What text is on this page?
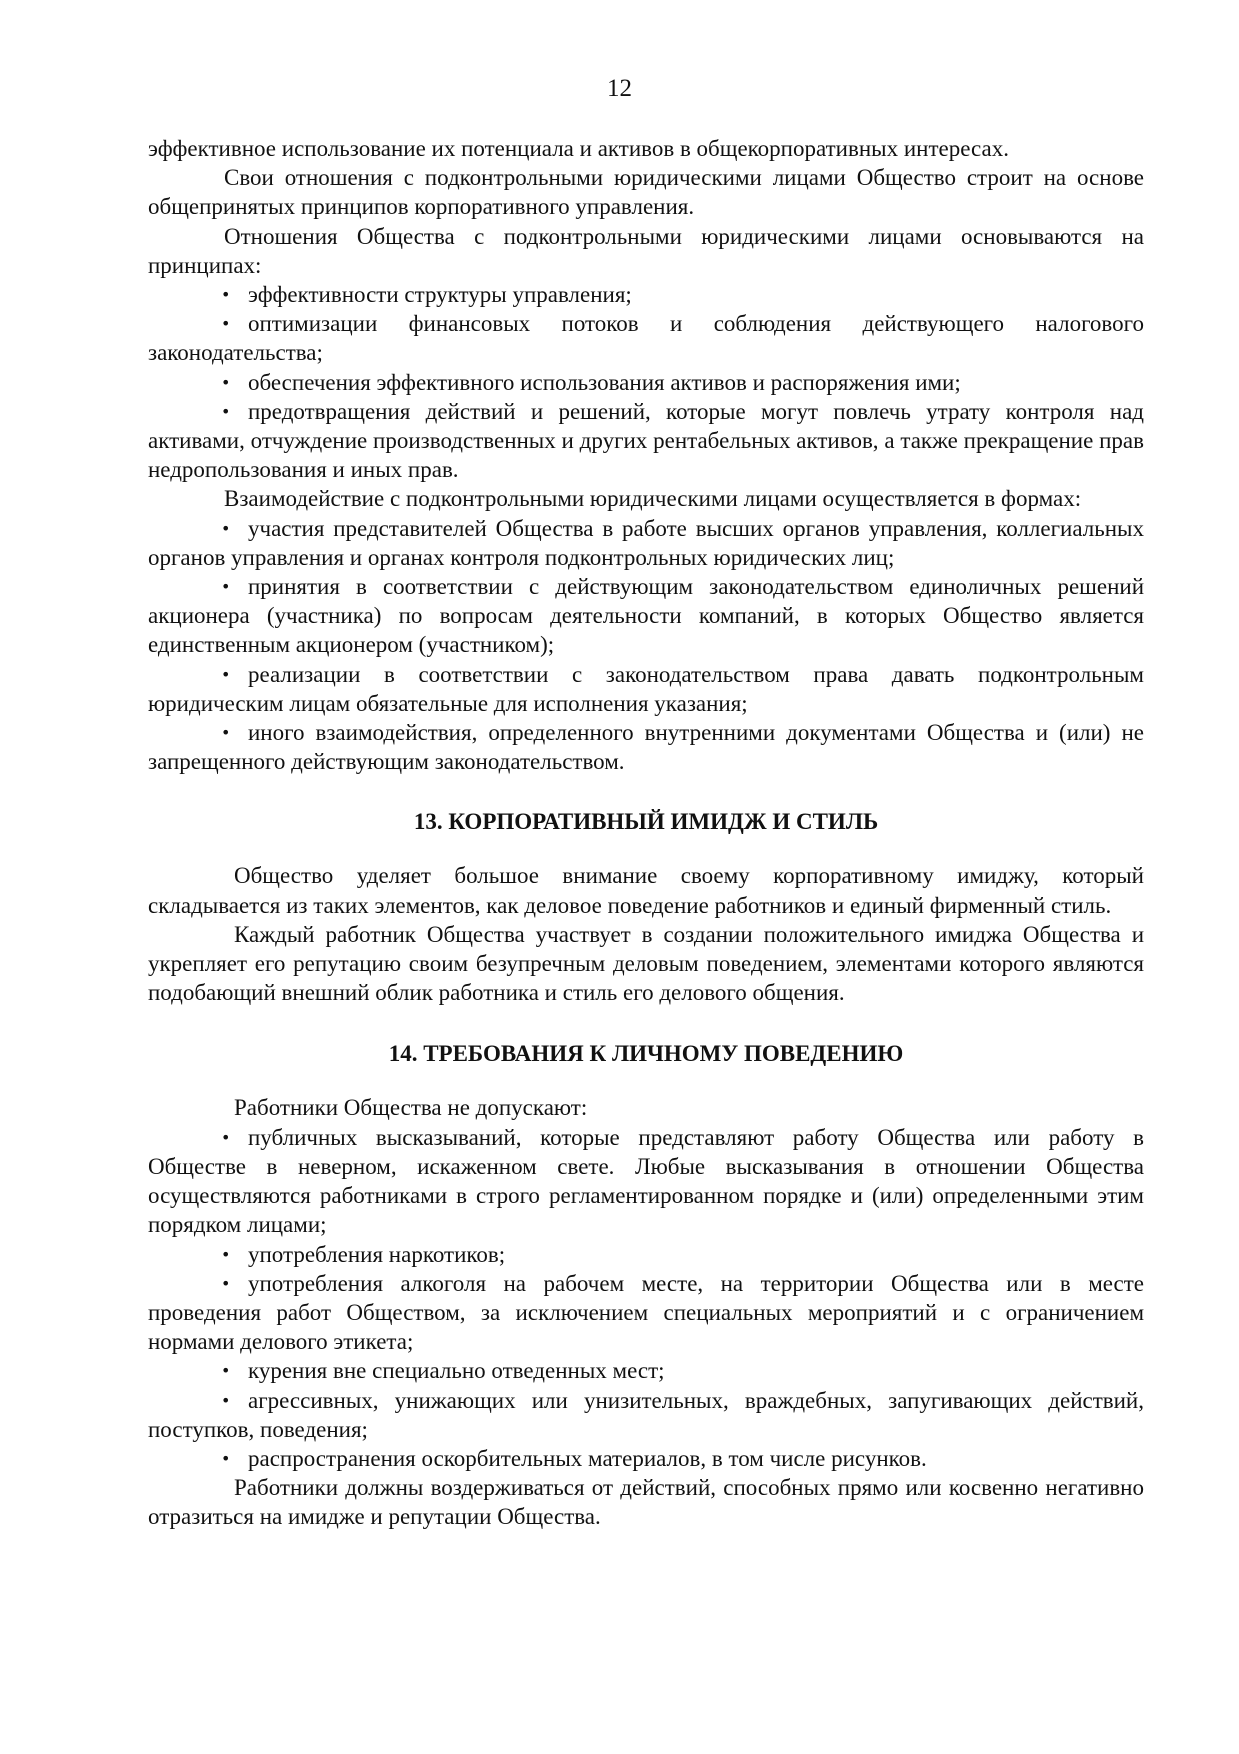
12

эффективное использование их потенциала и активов в общекорпоративных интересах.

Свои отношения с подконтрольными юридическими лицами Общество строит на основе общепринятых принципов корпоративного управления.

Отношения Общества с подконтрольными юридическими лицами основываются на принципах:

• эффективности структуры управления;
• оптимизации финансовых потоков и соблюдения действующего налогового законодательства;
• обеспечения эффективного использования активов и распоряжения ими;
• предотвращения действий и решений, которые могут повлечь утрату контроля над активами, отчуждение производственных и других рентабельных активов, а также прекращение прав недропользования и иных прав.

Взаимодействие с подконтрольными юридическими лицами осуществляется в формах:

• участия представителей Общества в работе высших органов управления, коллегиальных органов управления и органах контроля подконтрольных юридических лиц;
• принятия в соответствии с действующим законодательством единоличных решений акционера (участника) по вопросам деятельности компаний, в которых Общество является единственным акционером (участником);
• реализации в соответствии с законодательством права давать подконтрольным юридическим лицам обязательные для исполнения указания;
• иного взаимодействия, определенного внутренними документами Общества и (или) не запрещенного действующим законодательством.
13. КОРПОРАТИВНЫЙ ИМИДЖ И СТИЛЬ

Общество уделяет большое внимание своему корпоративному имиджу, который складывается из таких элементов, как деловое поведение работников и единый фирменный стиль.

Каждый работник Общества участвует в создании положительного имиджа Общества и укрепляет его репутацию своим безупречным деловым поведением, элементами которого являются подобающий внешний облик работника и стиль его делового общения.

14. ТРЕБОВАНИЯ К ЛИЧНОМУ ПОВЕДЕНИЮ

Работники Общества не допускают:

• публичных высказываний, которые представляют работу Общества или работу в Обществе в неверном, искаженном свете. Любые высказывания в отношении Общества осуществляются работниками в строго регламентированном порядке и (или) определенными этим порядком лицами;
• употребления наркотиков;
• употребления алкоголя на рабочем месте, на территории Общества или в месте проведения работ Обществом, за исключением специальных мероприятий и с ограничением нормами делового этикета;
• курения вне специально отведенных мест;
• агрессивных, унижающих или унизительных, враждебных, запугивающих действий, поступков, поведения;
• распространения оскорбительных материалов, в том числе рисунков.

Работники должны воздерживаться от действий, способных прямо или косвенно негативно отразиться на имидже и репутации Общества.
